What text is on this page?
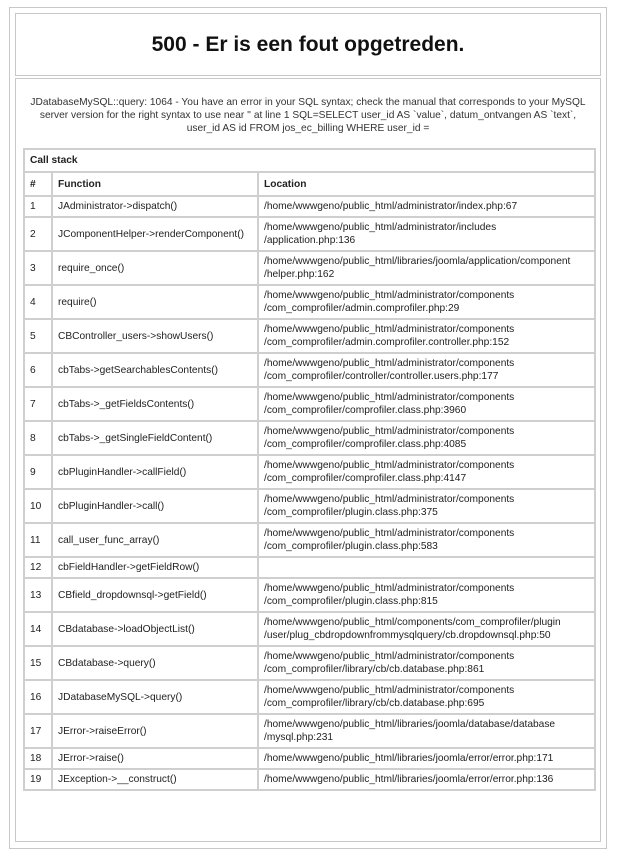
500 - Er is een fout opgetreden.
JDatabaseMySQL::query: 1064 - You have an error in your SQL syntax; check the manual that corresponds to your MySQL server version for the right syntax to use near '' at line 1 SQL=SELECT user_id AS `value`, datum_ontvangen AS `text`, user_id AS id FROM jos_ec_billing WHERE user_id =
Call stack		
#	Function	Location
1	JAdministrator->dispatch()	/home/wwwgeno/public_html/administrator/index.php:67
2	JComponentHelper->renderComponent()	/home/wwwgeno/public_html/administrator/includes
/application.php:136
3	require_once()	/home/wwwgeno/public_html/libraries/joomla/application/component
/helper.php:162
4	require()	/home/wwwgeno/public_html/administrator/components
/com_comprofiler/admin.comprofiler.php:29
5	CBController_users->showUsers()	/home/wwwgeno/public_html/administrator/components
/com_comprofiler/admin.comprofiler.controller.php:152
6	cbTabs->getSearchablesContents()	/home/wwwgeno/public_html/administrator/components
/com_comprofiler/controller/controller.users.php:177
7	cbTabs->_getFieldsContents()	/home/wwwgeno/public_html/administrator/components
/com_comprofiler/comprofiler.class.php:3960
8	cbTabs->_getSingleFieldContent()	/home/wwwgeno/public_html/administrator/components
/com_comprofiler/comprofiler.class.php:4085
9	cbPluginHandler->callField()	/home/wwwgeno/public_html/administrator/components
/com_comprofiler/comprofiler.class.php:4147
10	cbPluginHandler->call()	/home/wwwgeno/public_html/administrator/components
/com_comprofiler/plugin.class.php:375
11	call_user_func_array()	/home/wwwgeno/public_html/administrator/components
/com_comprofiler/plugin.class.php:583
12	cbFieldHandler->getFieldRow()	
13	CBfield_dropdownsql->getField()	/home/wwwgeno/public_html/administrator/components
/com_comprofiler/plugin.class.php:815
14	CBdatabase->loadObjectList()	/home/wwwgeno/public_html/components/com_comprofiler/plugin
/user/plug_cbdropdownfrommysqlquery/cb.dropdownsql.php:50
15	CBdatabase->query()	/home/wwwgeno/public_html/administrator/components
/com_comprofiler/library/cb/cb.database.php:861
16	JDatabaseMySQL->query()	/home/wwwgeno/public_html/administrator/components
/com_comprofiler/library/cb/cb.database.php:695
17	JError->raiseError()	/home/wwwgeno/public_html/libraries/joomla/database/database
/mysql.php:231
18	JError->raise()	/home/wwwgeno/public_html/libraries/joomla/error/error.php:171
19	JException->__construct()	/home/wwwgeno/public_html/libraries/joomla/error/error.php:136
